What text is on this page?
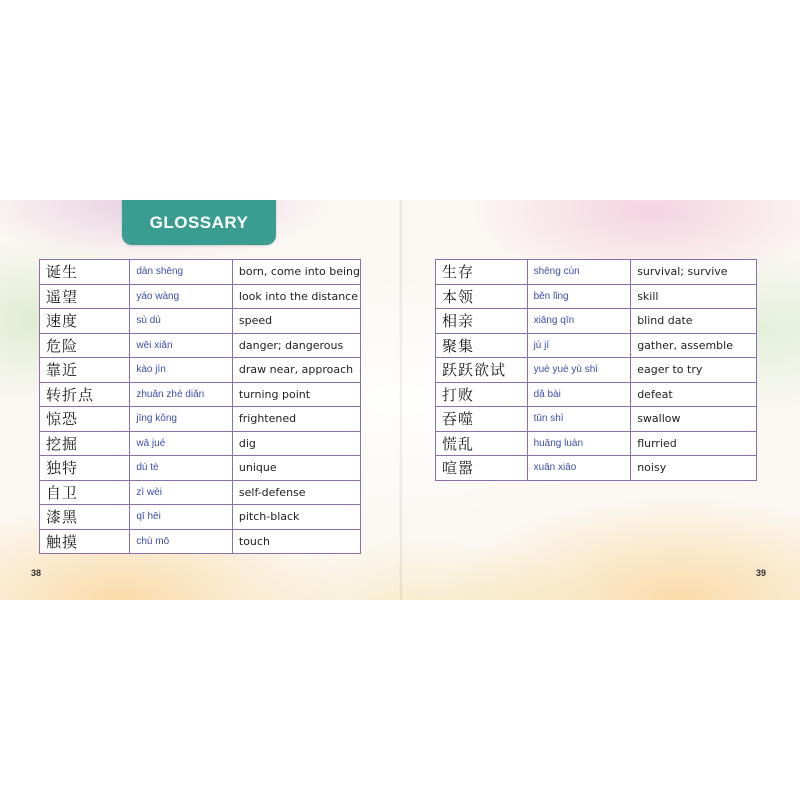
GLOSSARY
诞生	dàn shēng	born, come into being
遥望	yáo wàng	look into the distance
速度	sù dù	speed
危险	wēi xiǎn	danger; dangerous
靠近	kào jìn	draw near, approach
转折点	zhuǎn zhé diǎn	turning point
惊恐	jīng kǒng	frightened
挖掘	wā jué	dig
独特	dú tè	unique
自卫	zì wèi	self-defense
漆黑	qī hēi	pitch-black
触摸	chù mō	touch
生存	shēng cún	survival; survive
本领	běn lǐng	skill
相亲	xiāng qīn	blind date
聚集	jù jí	gather, assemble
跃跃欲试	yuè yuè yù shì	eager to try
打败	dǎ bài	defeat
吞噬	tūn shì	swallow
慌乱	huāng luàn	flurried
喧嚣	xuān xiāo	noisy
38	39
